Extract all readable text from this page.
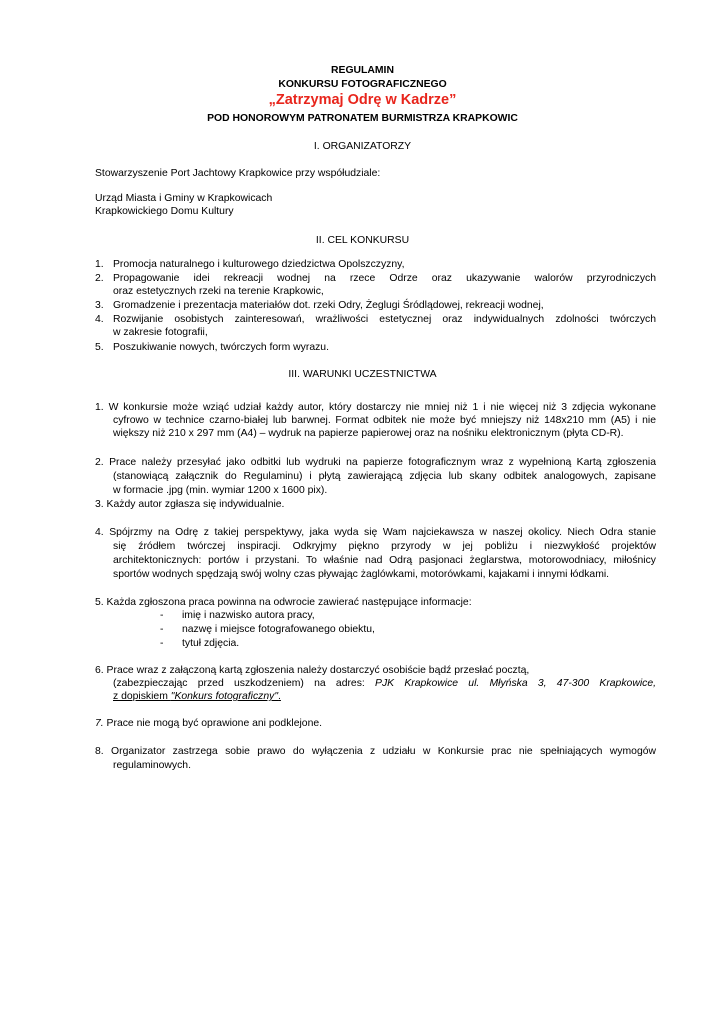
REGULAMIN
KONKURSU FOTOGRAFICZNEGO
„Zatrzymaj Odrę w Kadrze”
POD HONOROWYM PATRONATEM BURMISTRZA KRAPKOWIC
I. ORGANIZATORZY
Stowarzyszenie Port Jachtowy Krapkowice przy współudziale:
Urząd Miasta i Gminy w Krapkowicach
Krapkowickiego Domu Kultury
II. CEL KONKURSU
1. Promocja naturalnego i kulturowego dziedzictwa Opolszczyzny,
2. Propagowanie idei rekreacji wodnej na rzece Odrze oraz ukazywanie walorów przyrodniczych
oraz estetycznych rzeki na terenie Krapkowic,
3. Gromadzenie i prezentacja materiałów dot. rzeki Odry, Żeglugi Śródlądowej, rekreacji wodnej,
4. Rozwijanie osobistych zainteresowań, wrażliwości estetycznej oraz indywidualnych zdolności twórczych
w zakresie fotografii,
5. Poszukiwanie nowych, twórczych form wyrazu.
III. WARUNKI UCZESTNICTWA
1. W konkursie może wziąć udział każdy autor, który dostarczy nie mniej niż 1 i nie więcej niż 3 zdjęcia wykonane
cyfrowo w technice czarno-białej lub barwnej. Format odbitek nie może być mniejszy niż 148x210 mm (A5) i nie
większy niż 210 x 297 mm (A4) – wydruk na papierze papierowej oraz na nośniku elektronicznym (płyta CD-R).
2. Prace należy przesyłać jako odbitki lub wydruki na papierze fotograficznym wraz z wypełnioną Kartą zgłoszenia
(stanowiącą załącznik do Regulaminu) i płytą zawierającą zdjęcia lub skany odbitek analogowych, zapisane
w formacie .jpg (min. wymiar 1200 x 1600 pix).
3. Każdy autor zgłasza się indywidualnie.
4. Spójrzmy na Odrę z takiej perspektywy, jaka wyda się Wam najciekawsza w naszej okolicy. Niech Odra stanie
się źródłem twórczej inspiracji. Odkryjmy piękno przyrody w jej pobliżu i niezwykłość projektów
architektonicznych: portów i przystani. To właśnie nad Odrą pasjonaci żeglarstwa, motorowodniacy, miłośnicy
sportów wodnych spędzają swój wolny czas pływając żaglówkami, motorówkami, kajakami i innymi łódkami.
5. Każda zgłoszona praca powinna na odwrocie zawierać następujące informacje:
- imię i nazwisko autora pracy,
- nazwę i miejsce fotografowanego obiektu,
- tytuł zdjęcia.
6. Prace wraz z załączoną kartą zgłoszenia należy dostarczyć osobiście bądź przesłać pocztą,
(zabezpieczając przed uszkodzeniem) na adres: PJK Krapkowice ul. Młyńska 3, 47-300 Krapkowice,
z dopiskiem "Konkurs fotograficzny".
7. Prace nie mogą być oprawione ani podklejone.
8. Organizator zastrzega sobie prawo do wyłączenia z udziału w Konkursie prac nie spełniających wymogów
regulaminowych.
